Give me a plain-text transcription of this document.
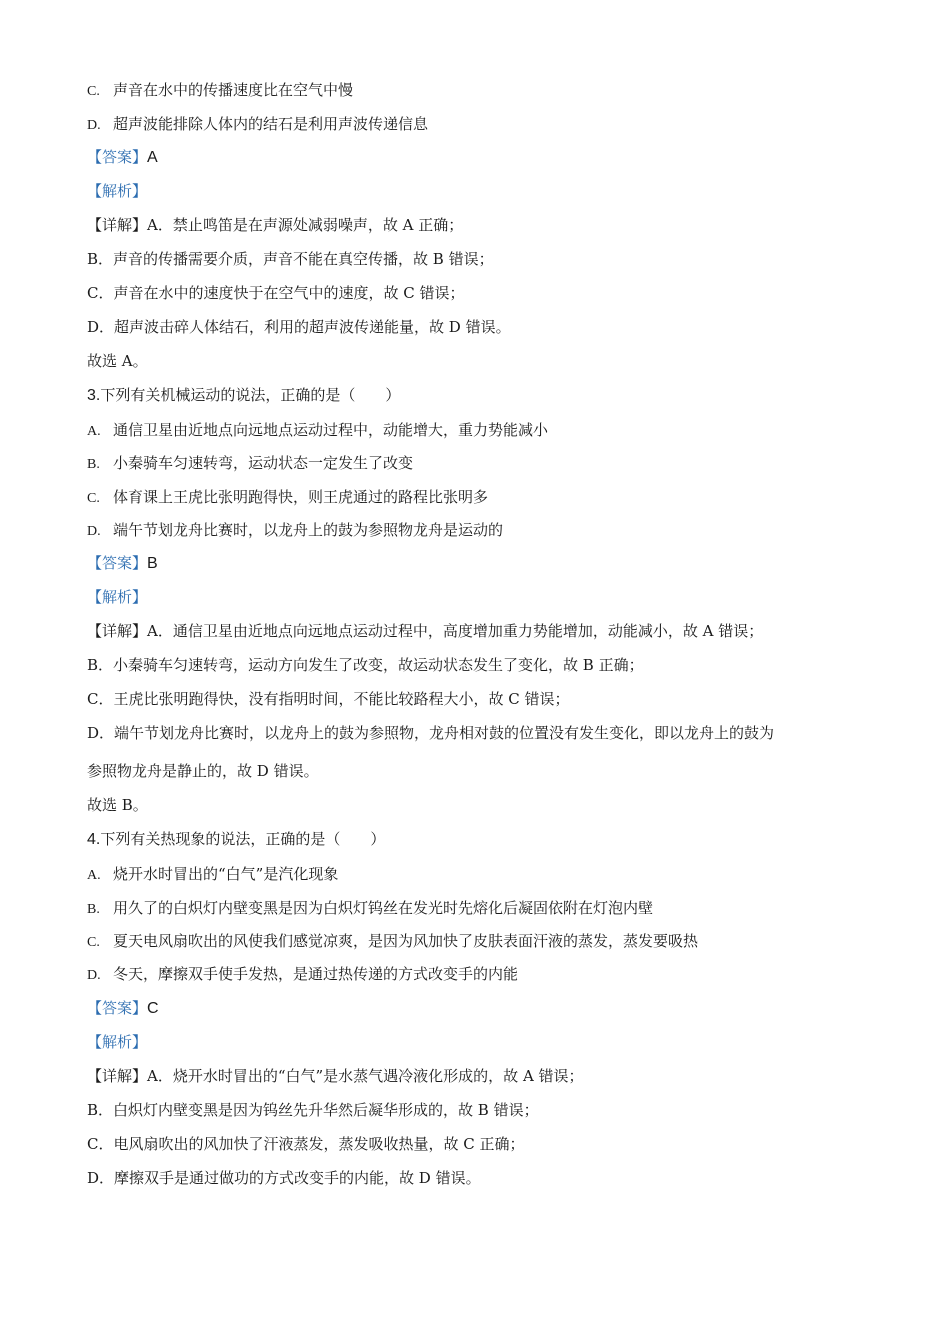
C. 声音在水中的传播速度比在空气中慢
D. 超声波能排除人体内的结石是利用声波传递信息
【答案】A
【解析】
【详解】A．禁止鸣笛是在声源处减弱噪声，故 A 正确；
B．声音的传播需要介质，声音不能在真空传播，故 B 错误；
C．声音在水中的速度快于在空气中的速度，故 C 错误；
D．超声波击碎人体结石，利用的超声波传递能量，故 D 错误。
故选 A。
3.下列有关机械运动的说法，正确的是（　　）
A. 通信卫星由近地点向远地点运动过程中，动能增大，重力势能减小
B. 小秦骑车匀速转弯，运动状态一定发生了改变
C. 体育课上王虎比张明跑得快，则王虎通过的路程比张明多
D. 端午节划龙舟比赛时，以龙舟上的鼓为参照物龙舟是运动的
【答案】B
【解析】
【详解】A．通信卫星由近地点向远地点运动过程中，高度增加重力势能增加，动能减小，故 A 错误；
B．小秦骑车匀速转弯，运动方向发生了改变，故运动状态发生了变化，故 B 正确；
C．王虎比张明跑得快，没有指明时间，不能比较路程大小，故 C 错误；
D．端午节划龙舟比赛时，以龙舟上的鼓为参照物，龙舟相对鼓的位置没有发生变化，即以龙舟上的鼓为
参照物龙舟是静止的，故 D 错误。
故选 B。
4.下列有关热现象的说法，正确的是（　　）
A. 烧开水时冒出的“白气”是汽化现象
B. 用久了的白炽灯内壁变黑是因为白炽灯钨丝在发光时先熔化后凝固依附在灯泡内壁
C. 夏天电风扇吹出的风使我们感觉凉爽，是因为风加快了皮肤表面汗液的蒸发，蒸发要吸热
D. 冬天，摩擦双手使手发热，是通过热传递的方式改变手的内能
【答案】C
【解析】
【详解】A．烧开水时冒出的“白气”是水蒸气遇冷液化形成的，故 A 错误；
B．白炽灯内壁变黑是因为钨丝先升华然后凝华形成的，故 B 错误；
C．电风扇吹出的风加快了汗液蒸发，蒸发吸收热量，故 C 正确；
D．摩擦双手是通过做功的方式改变手的内能，故 D 错误。
